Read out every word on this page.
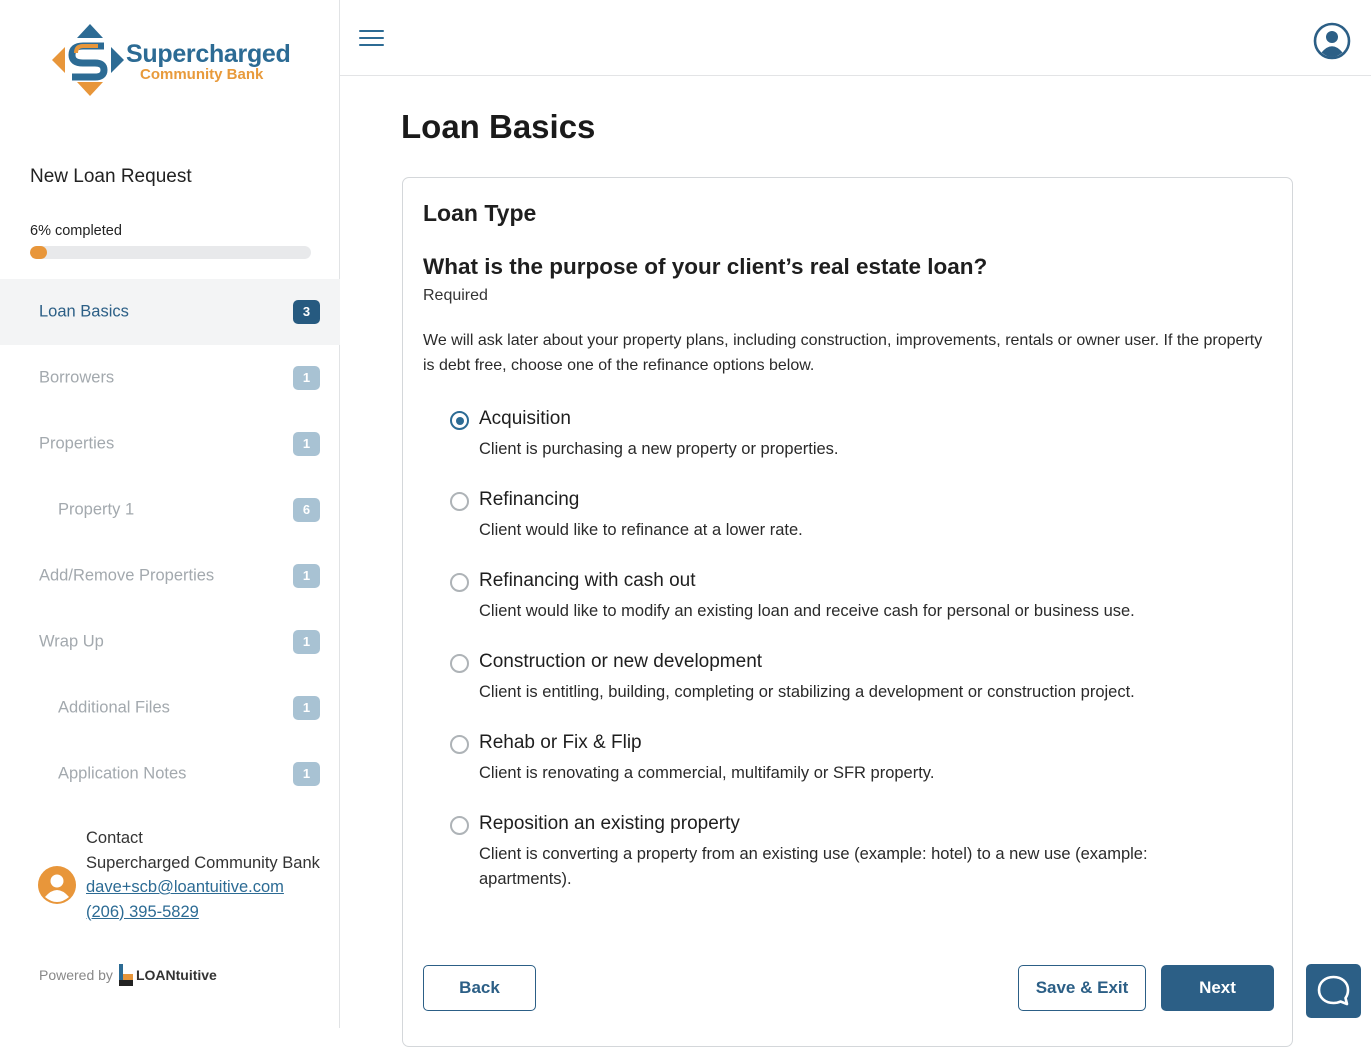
Supercharged
Community Bank
New Loan Request
6% completed
Loan Basics	3
Borrowers	1
Properties	1
Property 1	6
Add/Remove Properties	1
Wrap Up	1
Additional Files	1
Application Notes	1
Contact
Supercharged Community Bank
dave+scb@loantuitive.com
(206) 395-5829
Powered by LOANtuitive
Loan Basics
Loan Type
What is the purpose of your client’s real estate loan?
Required
We will ask later about your property plans, including construction, improvements, rentals or owner user. If the property is debt free, choose one of the refinance options below.
Acquisition
Client is purchasing a new property or properties.
Refinancing
Client would like to refinance at a lower rate.
Refinancing with cash out
Client would like to modify an existing loan and receive cash for personal or business use.
Construction or new development
Client is entitling, building, completing or stabilizing a development or construction project.
Rehab or Fix & Flip
Client is renovating a commercial, multifamily or SFR property.
Reposition an existing property
Client is converting a property from an existing use (example: hotel) to a new use (example: apartments).
Back	Save & Exit	Next
